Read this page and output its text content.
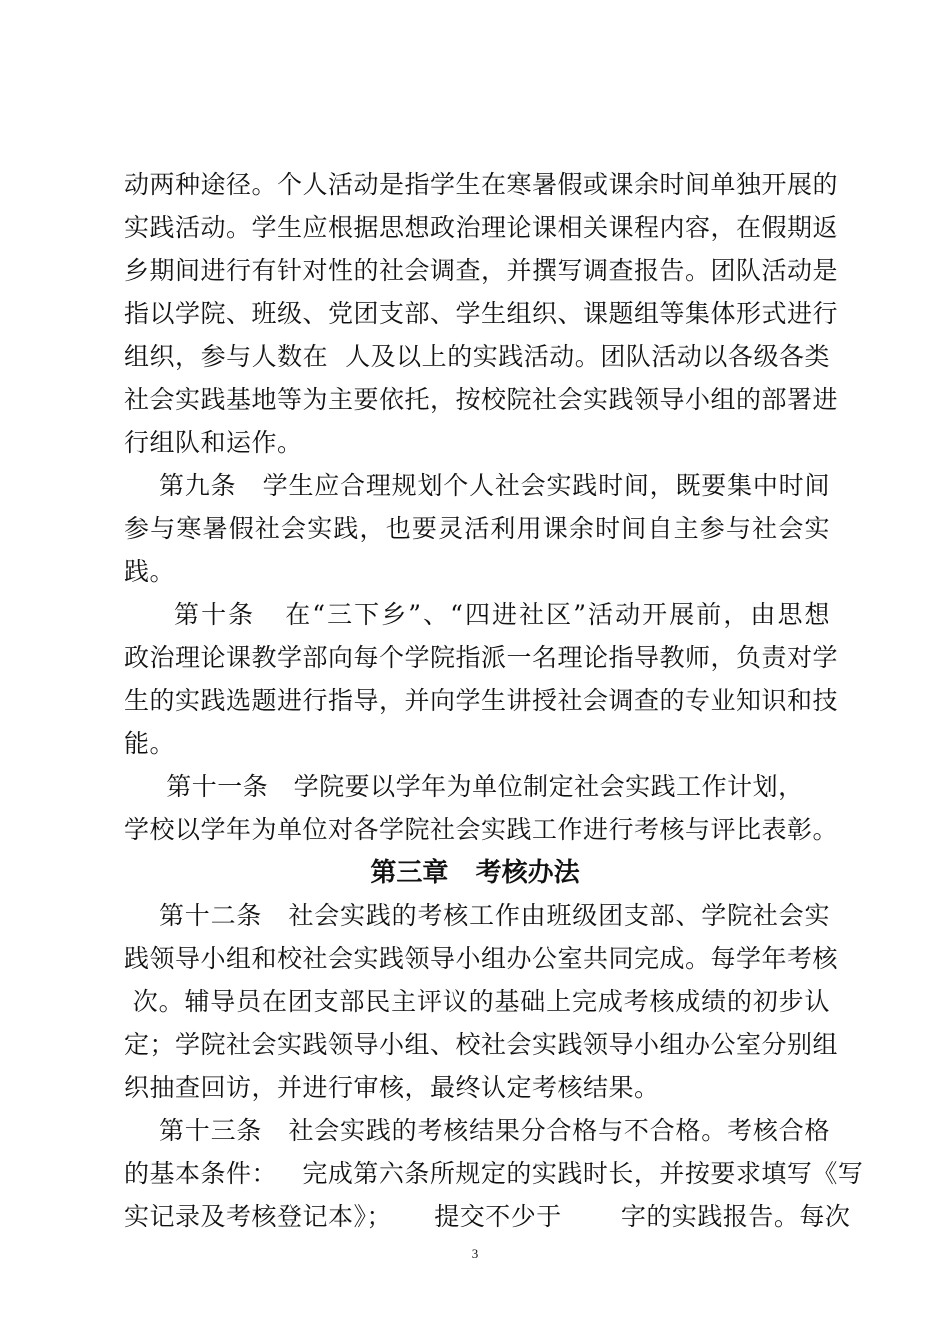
动两种途径。个人活动是指学生在寒暑假或课余时间单独开展的
实践活动。学生应根据思想政治理论课相关课程内容，在假期返
乡期间进行有针对性的社会调查，并撰写调查报告。团队活动是
指以学院、班级、党团支部、学生组织、课题组等集体形式进行
组织，参与人数在  人及以上的实践活动。团队活动以各级各类
社会实践基地等为主要依托，按校院社会实践领导小组的部署进
行组队和运作。
第九条   学生应合理规划个人社会实践时间，既要集中时间
参与寒暑假社会实践，也要灵活利用课余时间自主参与社会实
践。
第十条   在“三下乡”、“四进社区”活动开展前，由思想
政治理论课教学部向每个学院指派一名理论指导教师，负责对学
生的实践选题进行指导，并向学生讲授社会调查的专业知识和技
能。
第十一条   学院要以学年为单位制定社会实践工作计划，
学校以学年为单位对各学院社会实践工作进行考核与评比表彰。
第三章   考核办法
第十二条   社会实践的考核工作由班级团支部、学院社会实
践领导小组和校社会实践领导小组办公室共同完成。每学年考核
次。辅导员在团支部民主评议的基础上完成考核成绩的初步认
定；学院社会实践领导小组、校社会实践领导小组办公室分别组
织抽查回访，并进行审核，最终认定考核结果。
第十三条   社会实践的考核结果分合格与不合格。考核合格
的基本条件：   完成第六条所规定的实践时长，并按要求填写《写
实记录及考核登记本》；     提交不少于       字的实践报告。每次
3
